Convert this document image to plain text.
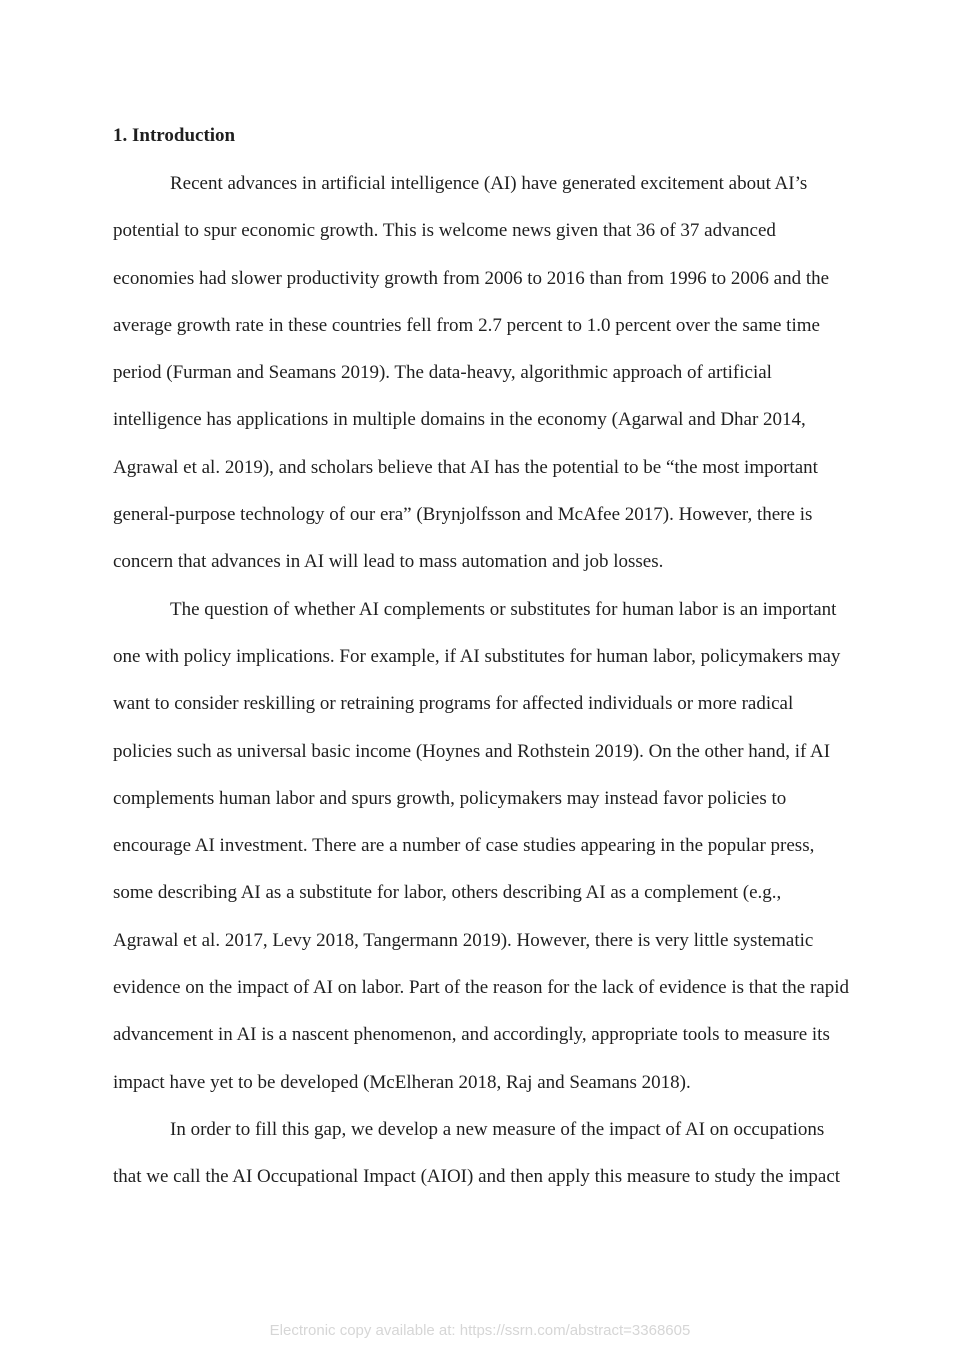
1. Introduction
Recent advances in artificial intelligence (AI) have generated excitement about AI’s
potential to spur economic growth. This is welcome news given that 36 of 37 advanced
economies had slower productivity growth from 2006 to 2016 than from 1996 to 2006 and the
average growth rate in these countries fell from 2.7 percent to 1.0 percent over the same time
period (Furman and Seamans 2019). The data-heavy, algorithmic approach of artificial
intelligence has applications in multiple domains in the economy (Agarwal and Dhar 2014,
Agrawal et al. 2019), and scholars believe that AI has the potential to be “the most important
general-purpose technology of our era” (Brynjolfsson and McAfee 2017). However, there is
concern that advances in AI will lead to mass automation and job losses.
The question of whether AI complements or substitutes for human labor is an important
one with policy implications. For example, if AI substitutes for human labor, policymakers may
want to consider reskilling or retraining programs for affected individuals or more radical
policies such as universal basic income (Hoynes and Rothstein 2019). On the other hand, if AI
complements human labor and spurs growth, policymakers may instead favor policies to
encourage AI investment. There are a number of case studies appearing in the popular press,
some describing AI as a substitute for labor, others describing AI as a complement (e.g.,
Agrawal et al. 2017, Levy 2018, Tangermann 2019). However, there is very little systematic
evidence on the impact of AI on labor. Part of the reason for the lack of evidence is that the rapid
advancement in AI is a nascent phenomenon, and accordingly, appropriate tools to measure its
impact have yet to be developed (McElheran 2018, Raj and Seamans 2018).
In order to fill this gap, we develop a new measure of the impact of AI on occupations
that we call the AI Occupational Impact (AIOI) and then apply this measure to study the impact
Electronic copy available at: https://ssrn.com/abstract=3368605
